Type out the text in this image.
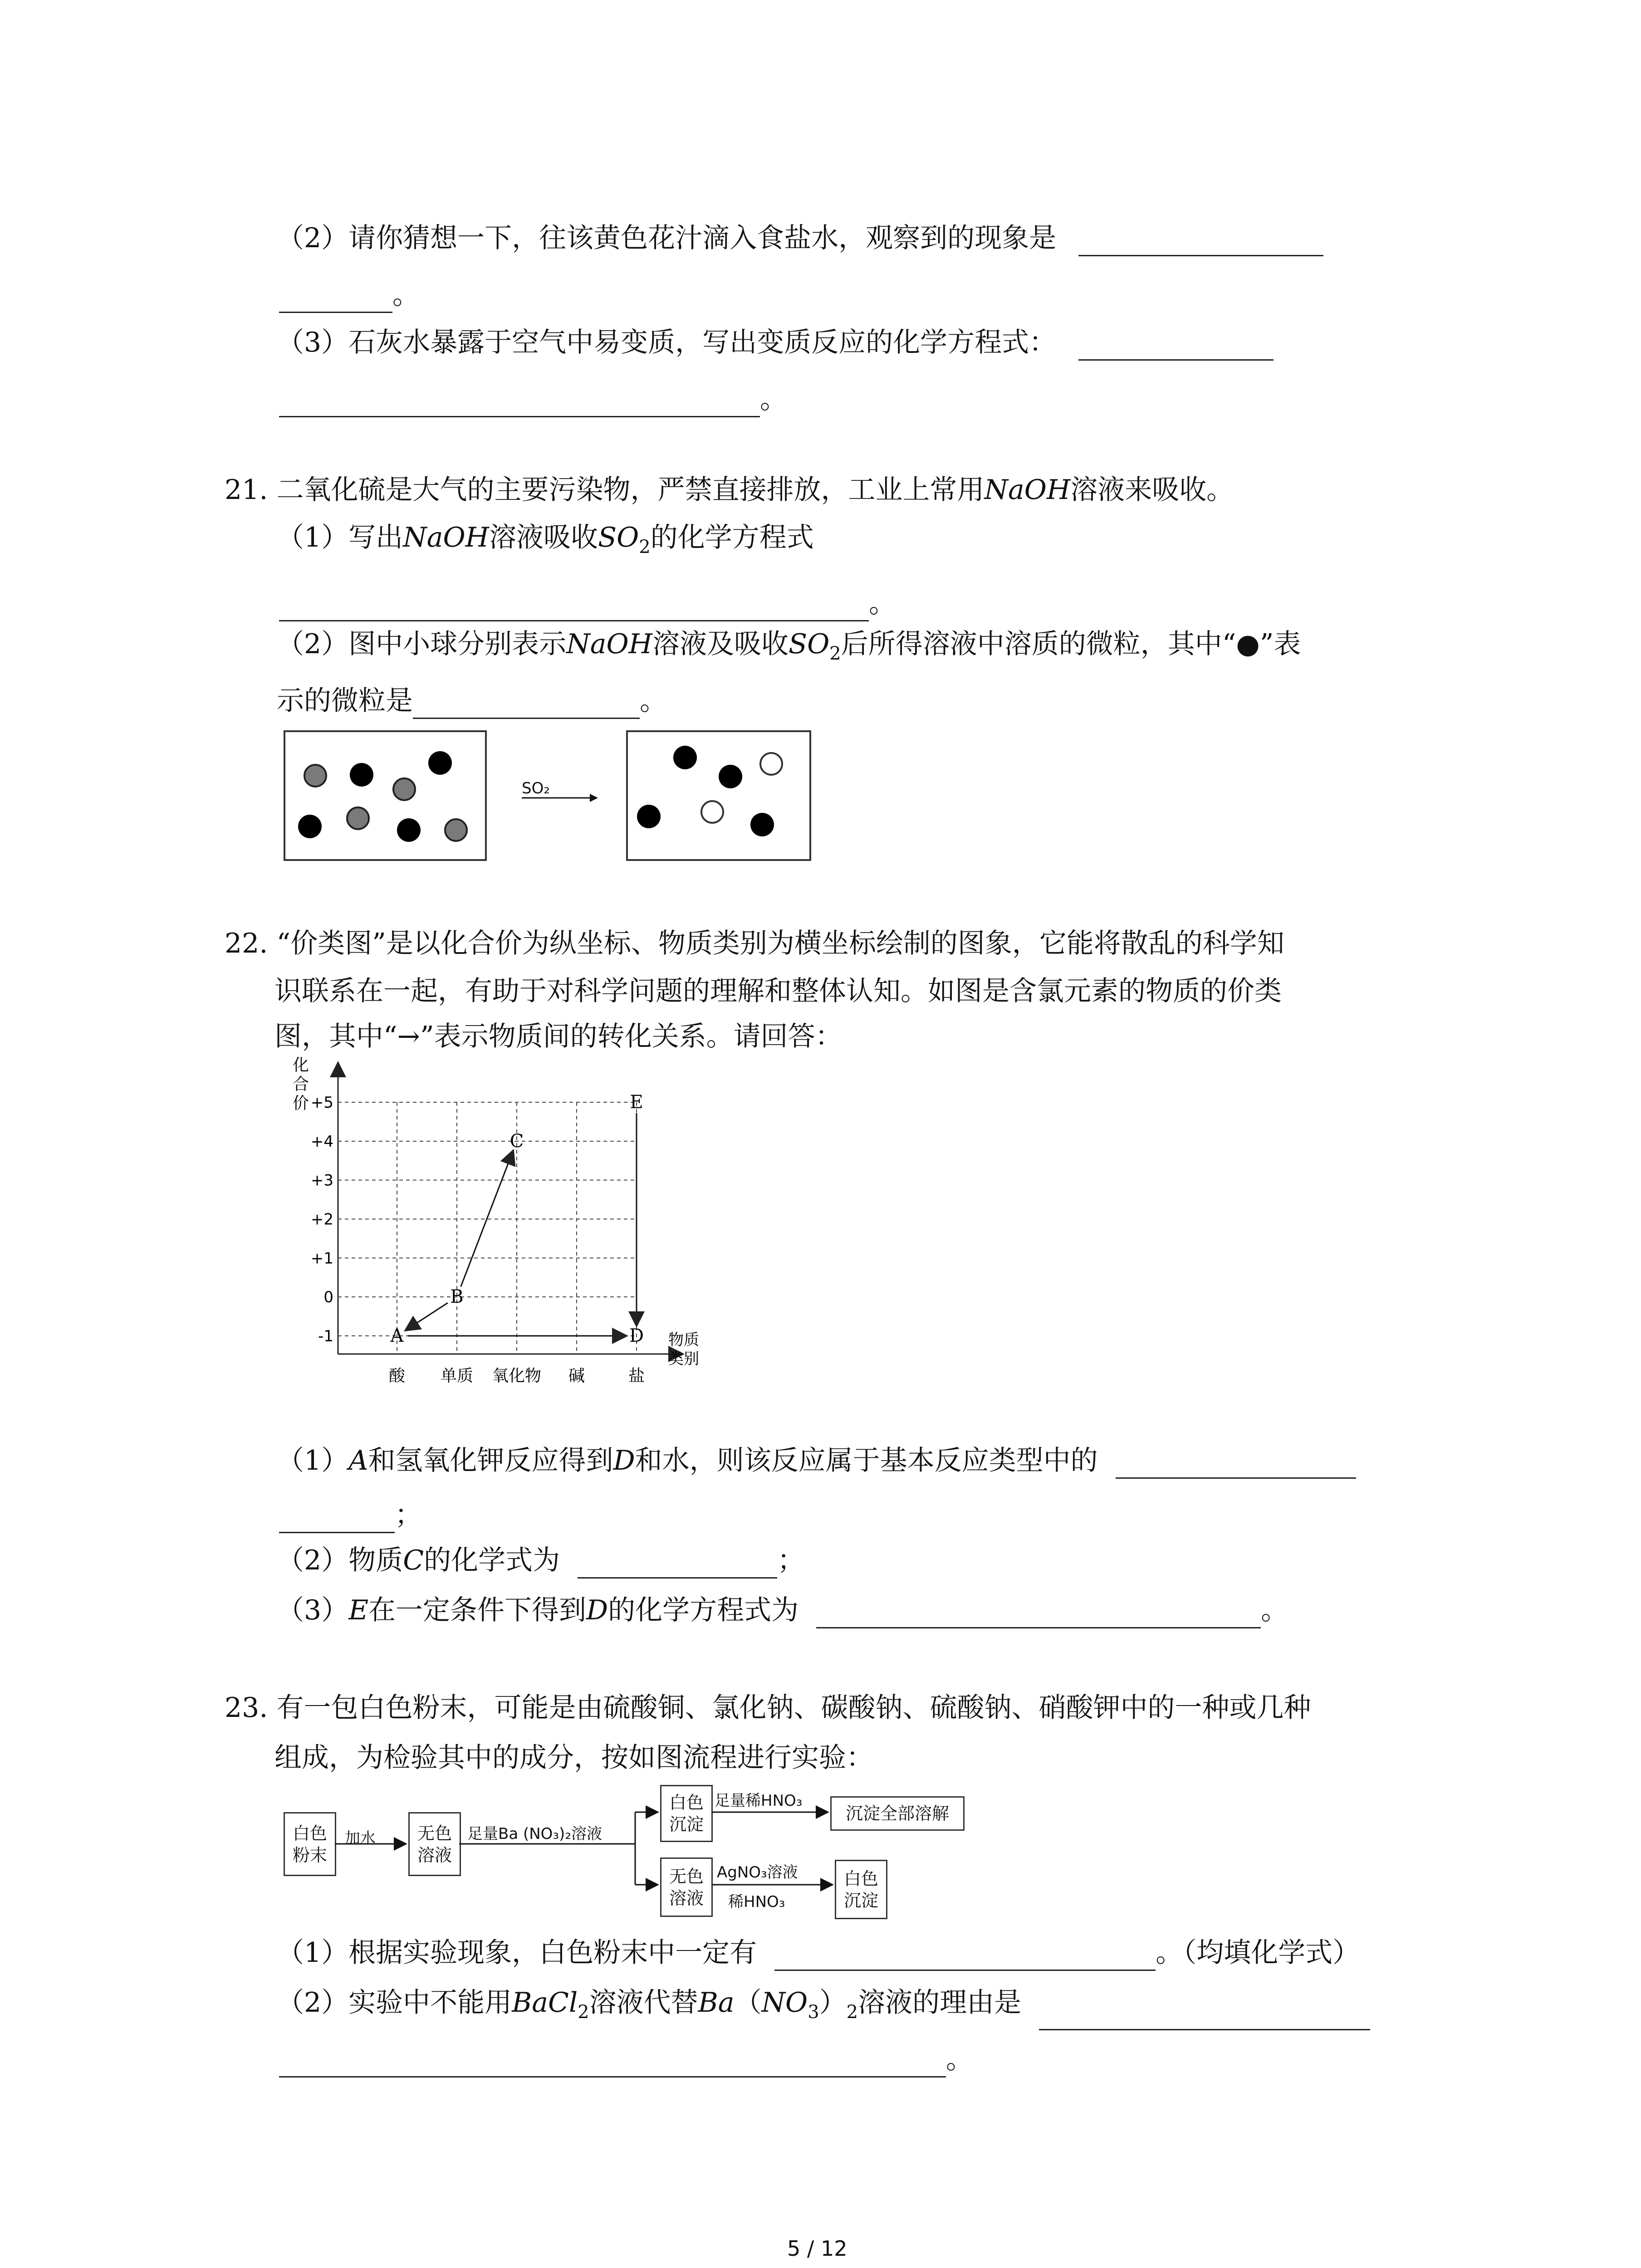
（2）请你猜想一下，往该黄色花汁滴入食盐水，观察到的现象是
。
（3）石灰水暴露于空气中易变质，写出变质反应的化学方程式：
。
21. 二氧化硫是大气的主要污染物，严禁直接排放，工业上常用NaOH溶液来吸收。
（1）写出NaOH溶液吸收$SO_2$的化学方程式
。
（2）图中小球分别表示NaOH溶液及吸收$SO_2$后所得溶液中溶质的微粒，其中“●”表
示的微粒是	。
SO₂
22. “价类图”是以化合价为纵坐标、物质类别为横坐标绘制的图象，它能将散乱的科学知
识联系在一起，有助于对科学问题的理解和整体认知。如图是含氯元素的物质的价类
图，其中“→”表示物质间的转化关系。请回答：
+5
+4
+3
+2
+1
0
-1
酸 单质 氧化物 碱	盐
化
合
价
物质
类别
A
B
C
D
E
（1）A和氢氧化钾反应得到D和水，则该反应属于基本反应类型中的
；
（2）物质C的化学式为	；
（3）E在一定条件下得到D的化学方程式为	。
23. 有一包白色粉末，可能是由硫酸铜、氯化钠、碳酸钠、硫酸钠、硝酸钾中的一种或几种
组成，为检验其中的成分，按如图流程进行实验：
白色
粉末
加水	无色
溶液
足量Ba (NO₃)₂溶液
白色
沉淀
足量稀HNO₃
沉淀全部溶解
无色
溶液
AgNO₃溶液
稀HNO₃
白色
沉淀
（1）根据实验现象，白色粉末中一定有	。（均填化学式）
（2）实验中不能用BaCl$_2$溶液代替$Ba(NO_3)_2$溶液的理由是
。
5 / 12
